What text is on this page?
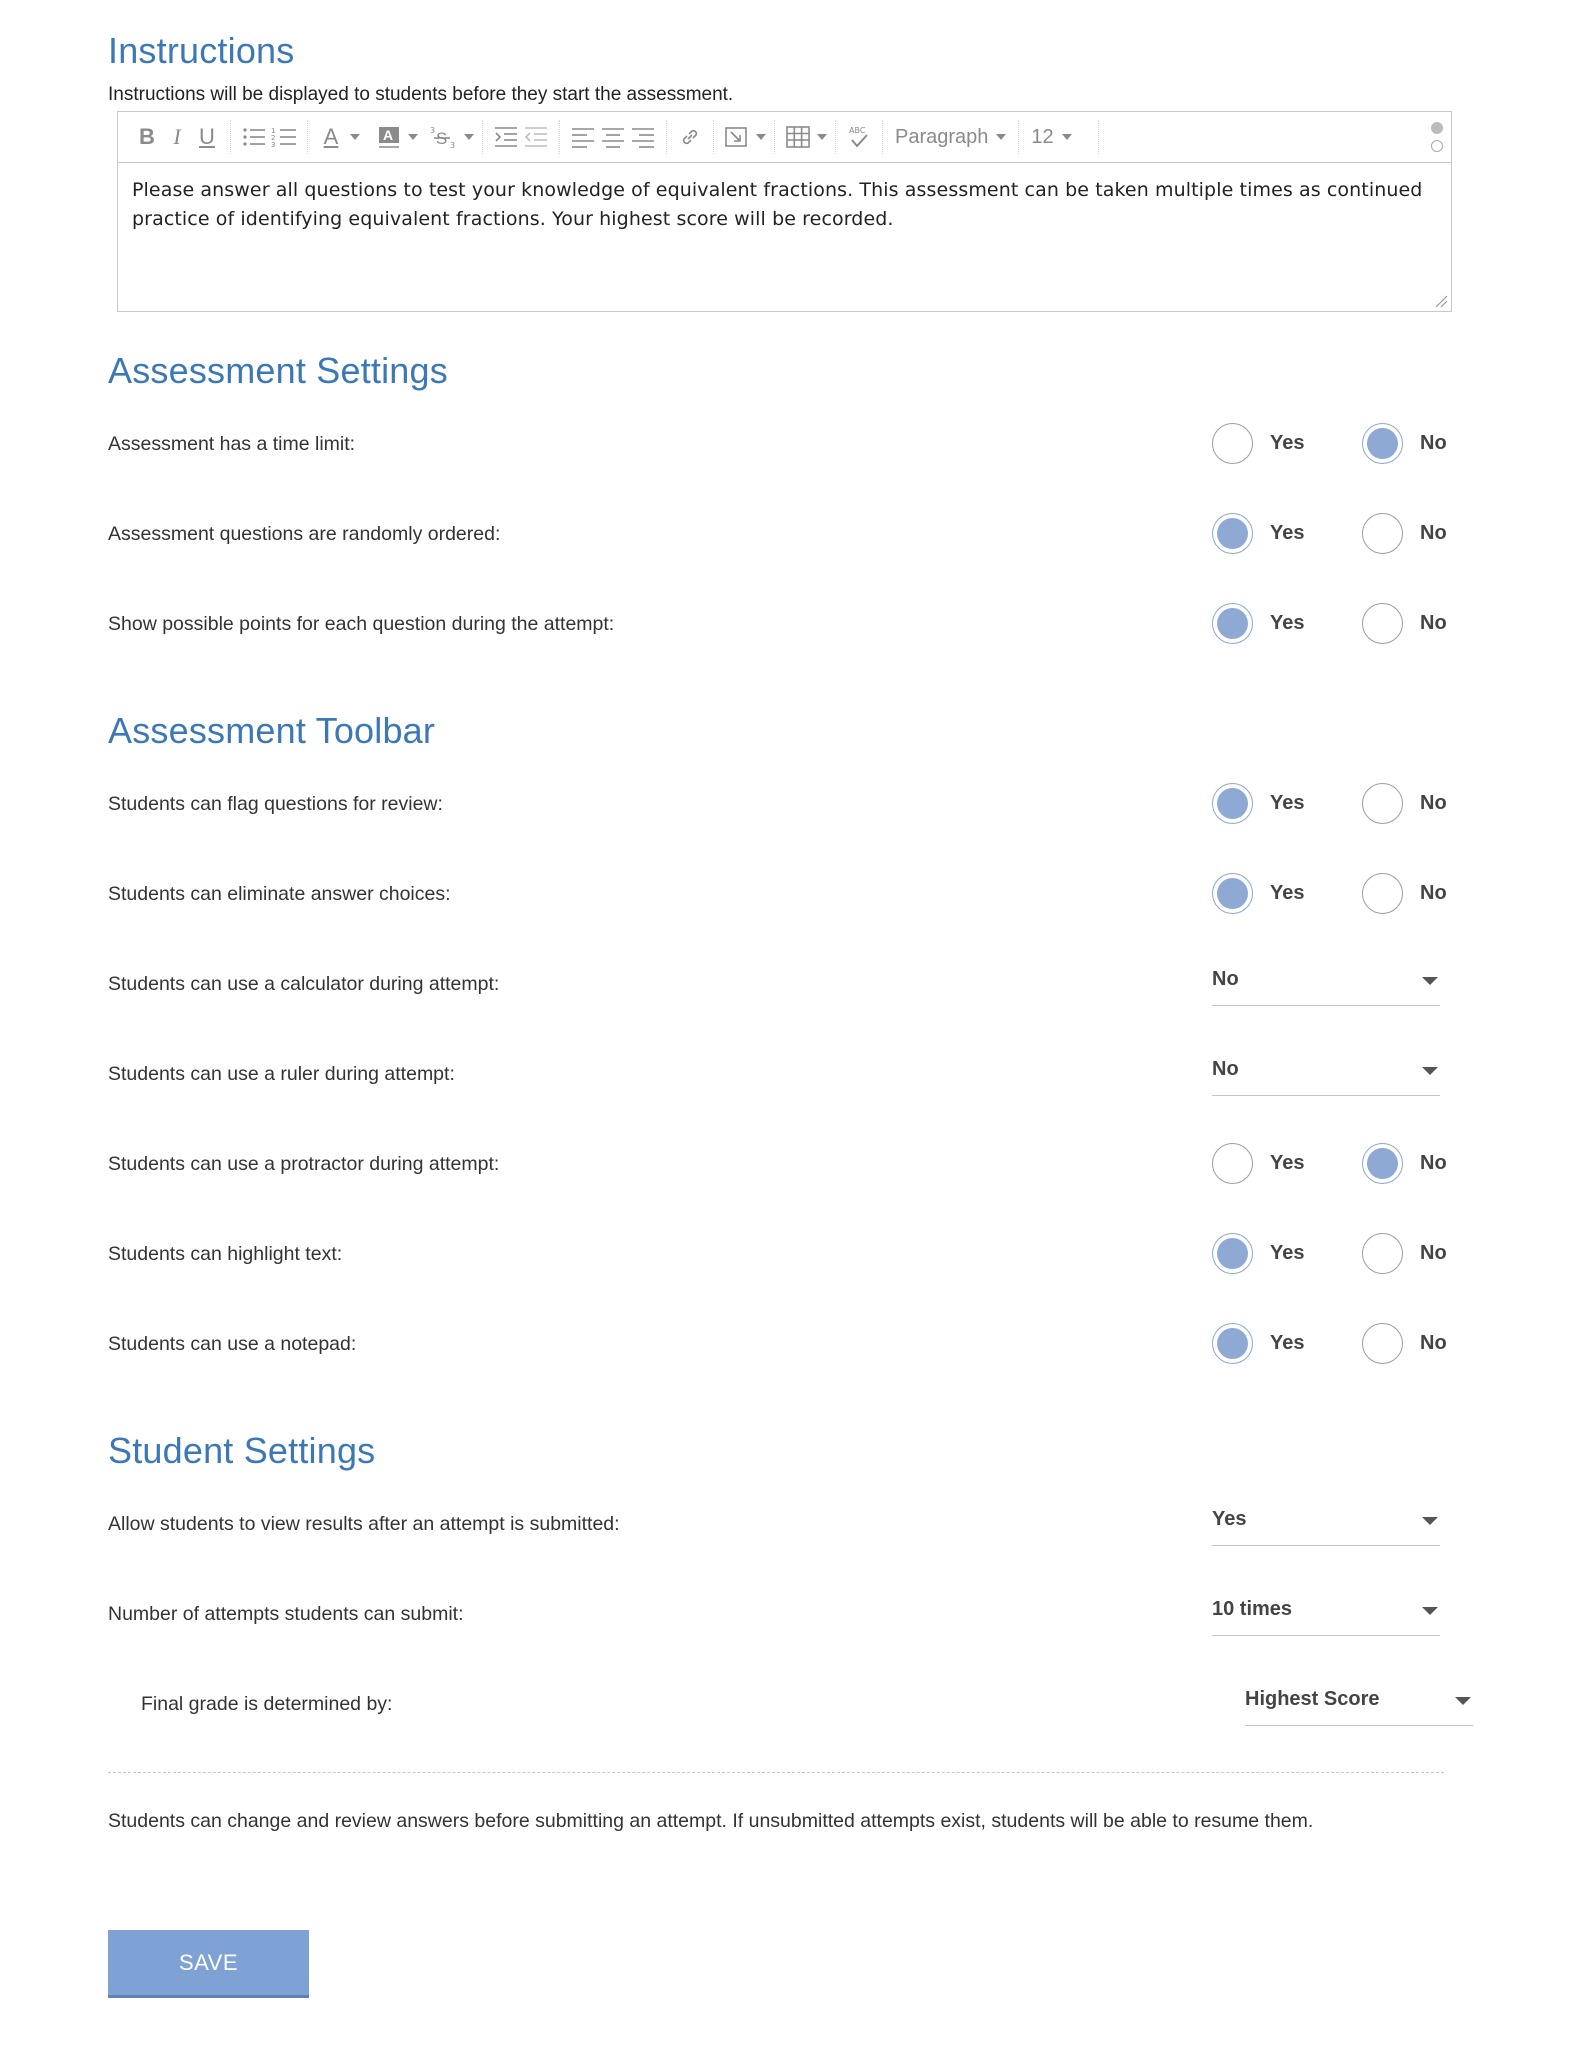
Instructions
Instructions will be displayed to students before they start the assessment.
B I U	1
2
3	A	A	3 S 3
ABC Paragraph 12
Please answer all questions to test your knowledge of equivalent fractions. This assessment can be taken multiple times as continued practice of identifying equivalent fractions. Your highest score will be recorded.
Assessment Settings
Assessment has a time limit:	Yes	No
Assessment questions are randomly ordered:	Yes	No
Show possible points for each question during the attempt:	Yes	No
Assessment Toolbar
Students can flag questions for review:	Yes	No
Students can eliminate answer choices:	Yes	No
Students can use a calculator during attempt:	No
Students can use a ruler during attempt:	No
Students can use a protractor during attempt:	Yes	No
Students can highlight text:	Yes	No
Students can use a notepad:	Yes	No
Student Settings
Allow students to view results after an attempt is submitted:	Yes
Number of attempts students can submit:	10 times
Final grade is determined by:	Highest Score
Students can change and review answers before submitting an attempt. If unsubmitted attempts exist, students will be able to resume them.
SAVE
